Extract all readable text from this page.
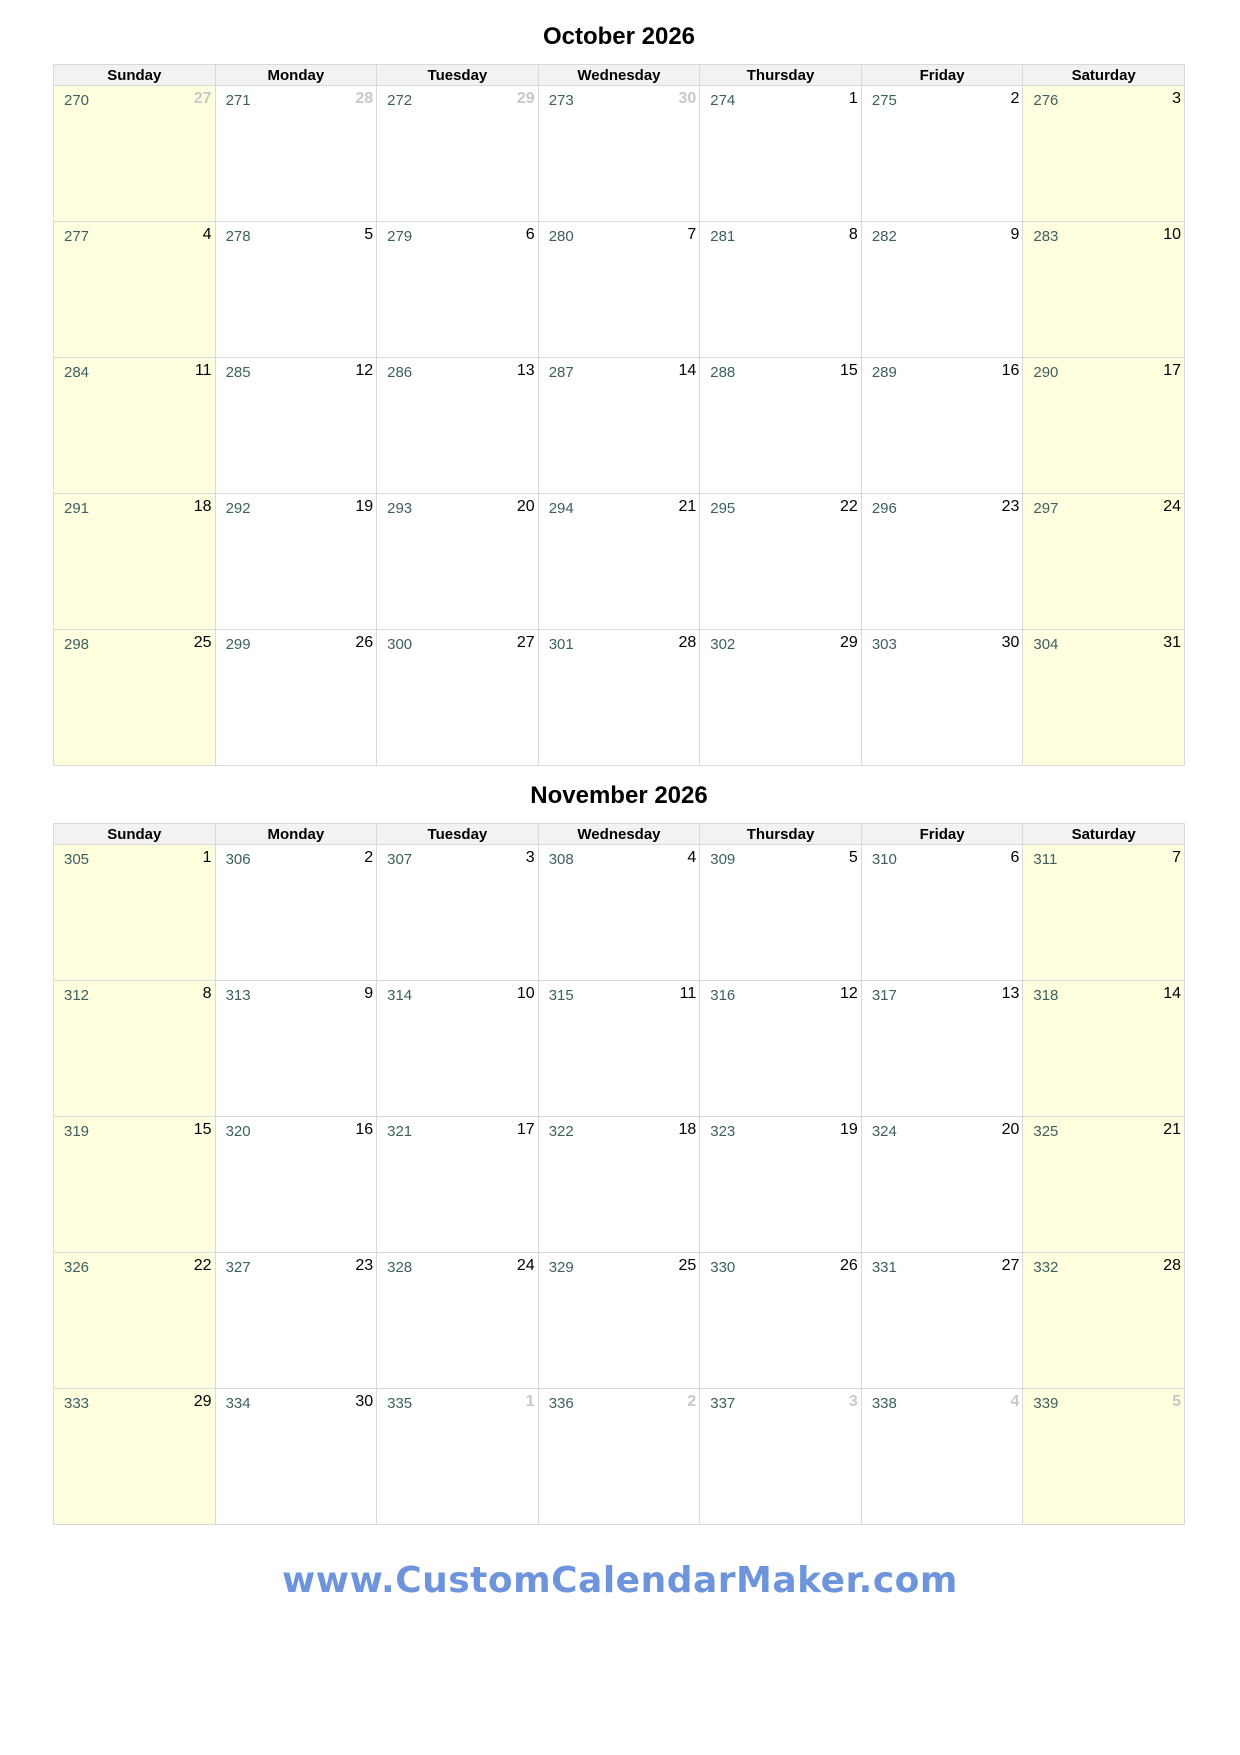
October 2026
Sunday	Monday	Tuesday	Wednesday	Thursday	Friday	Saturday

270 27	271 28	272 29	273 30	274 1	275 2	276 3

277 4	278 5	279 6	280 7	281 8	282 9	283 10

284 11	285 12	286 13	287 14	288 15	289 16	290 17

291 18	292 19	293 20	294 21	295 22	296 23	297 24

298 25	299 26	300 27	301 28	302 29	303 30	304 31
November 2026
Sunday	Monday	Tuesday	Wednesday	Thursday	Friday	Saturday

305 1	306 2	307 3	308 4	309 5	310 6	311 7

312 8	313 9	314 10	315 11	316 12	317 13	318 14

319 15	320 16	321 17	322 18	323 19	324 20	325 21

326 22	327 23	328 24	329 25	330 26	331 27	332 28

333 29	334 30	335 1	336 2	337 3	338 4	339 5
www.CustomCalendarMaker.com
